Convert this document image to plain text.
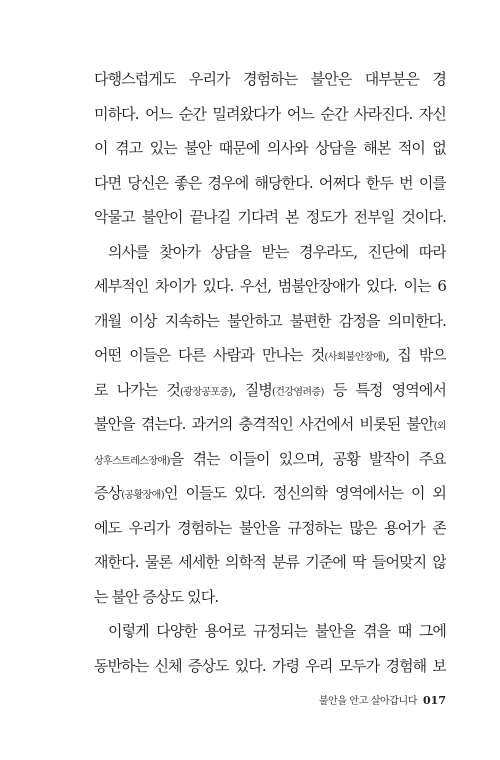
다행스럽게도 우리가 경험하는 불안은 대부분은 경
미하다. 어느 순간 밀려왔다가 어느 순간 사라진다. 자신
이 겪고 있는 불안 때문에 의사와 상담을 해본 적이 없
다면 당신은 좋은 경우에 해당한다. 어쩌다 한두 번 이를
악물고 불안이 끝나길 기다려 본 정도가 전부일 것이다.
의사를 찾아가 상담을 받는 경우라도, 진단에 따라
세부적인 차이가 있다. 우선, 범불안장애가 있다. 이는 6
개월 이상 지속하는 불안하고 불편한 감정을 의미한다.
어떤 이들은 다른 사람과 만나는 것(사회불안장애), 집 밖으
로 나가는 것(광장공포증), 질병(건강염려증) 등 특정 영역에서
불안을 겪는다. 과거의 충격적인 사건에서 비롯된 불안(외
상후스트레스장애)을 겪는 이들이 있으며, 공황 발작이 주요
증상(공황장애)인 이들도 있다. 정신의학 영역에서는 이 외
에도 우리가 경험하는 불안을 규정하는 많은 용어가 존
재한다. 물론 세세한 의학적 분류 기준에 딱 들어맞지 않
는 불안 증상도 있다.
이렇게 다양한 용어로 규정되는 불안을 겪을 때 그에
동반하는 신체 증상도 있다. 가령 우리 모두가 경험해 보
불안을 안고 살아갑니다 017
